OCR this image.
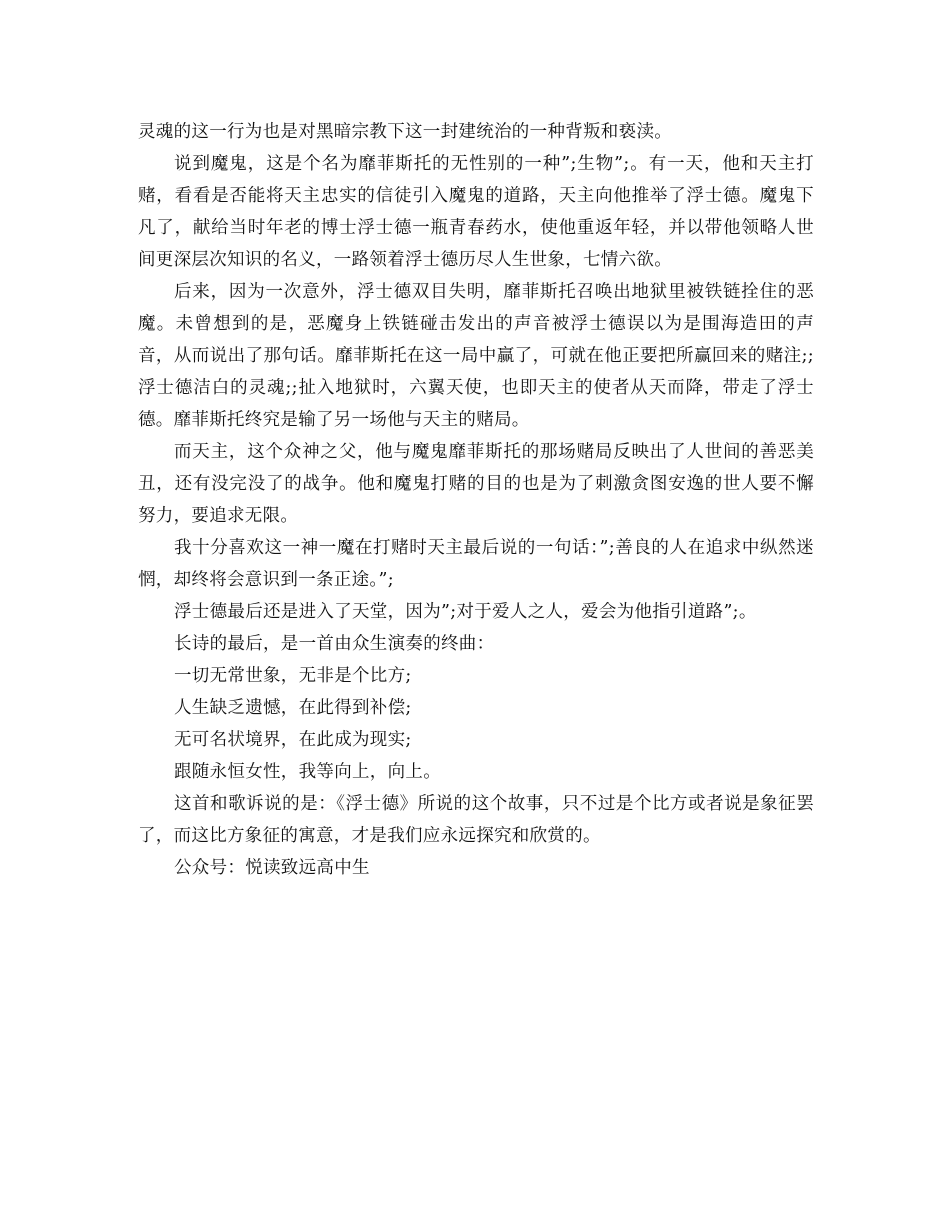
灵魂的这一行为也是对黑暗宗教下这一封建统治的一种背叛和亵渎。

说到魔鬼，这是个名为靡菲斯托的无性别的一种”;生物”;。有一天，他和天主打赌，看看是否能将天主忠实的信徒引入魔鬼的道路，天主向他推举了浮士德。魔鬼下凡了，献给当时年老的博士浮士德一瓶青春药水，使他重返年轻，并以带他领略人世间更深层次知识的名义，一路领着浮士德历尽人生世象，七情六欲。

后来，因为一次意外，浮士德双目失明，靡菲斯托召唤出地狱里被铁链拴住的恶魔。未曾想到的是，恶魔身上铁链碰击发出的声音被浮士德误以为是围海造田的声音，从而说出了那句话。靡菲斯托在这一局中赢了，可就在他正要把所赢回来的赌注;;浮士德洁白的灵魂;;扯入地狱时，六翼天使，也即天主的使者从天而降，带走了浮士德。靡菲斯托终究是输了另一场他与天主的赌局。

而天主，这个众神之父，他与魔鬼靡菲斯托的那场赌局反映出了人世间的善恶美丑，还有没完没了的战争。他和魔鬼打赌的目的也是为了刺激贪图安逸的世人要不懈努力，要追求无限。

我十分喜欢这一神一魔在打赌时天主最后说的一句话：”;善良的人在追求中纵然迷惘，却终将会意识到一条正途。”;

浮士德最后还是进入了天堂，因为”;对于爱人之人，爱会为他指引道路”;。

长诗的最后，是一首由众生演奏的终曲：

一切无常世象，无非是个比方;

人生缺乏遗憾，在此得到补偿;

无可名状境界，在此成为现实;

跟随永恒女性，我等向上，向上。

这首和歌诉说的是：《浮士德》所说的这个故事，只不过是个比方或者说是象征罢了，而这比方象征的寓意，才是我们应永远探究和欣赏的。

公众号：悦读致远高中生
